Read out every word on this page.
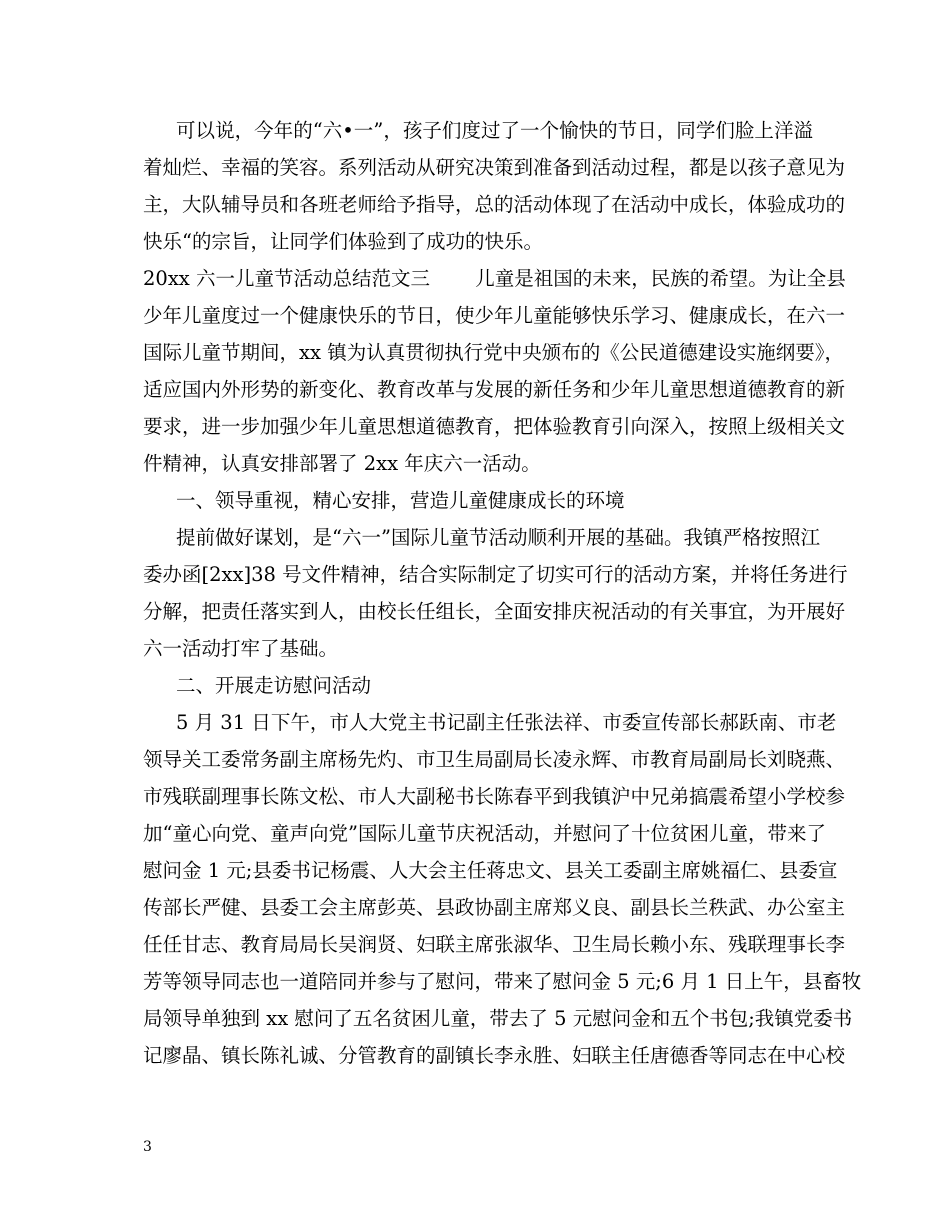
可以说，今年的“六•一”，孩子们度过了一个愉快的节日，同学们脸上洋溢
着灿烂、幸福的笑容。系列活动从研究决策到准备到活动过程，都是以孩子意见为
主，大队辅导员和各班老师给予指导，总的活动体现了在活动中成长，体验成功的
快乐“的宗旨，让同学们体验到了成功的快乐。
20xx 六一儿童节活动总结范文三　　 儿童是祖国的未来，民族的希望。为让全县
少年儿童度过一个健康快乐的节日，使少年儿童能够快乐学习、健康成长，在六一
国际儿童节期间，xx 镇为认真贯彻执行党中央颁布的《公民道德建设实施纲要》，
适应国内外形势的新变化、教育改革与发展的新任务和少年儿童思想道德教育的新
要求，进一步加强少年儿童思想道德教育，把体验教育引向深入，按照上级相关文
件精神，认真安排部署了 2xx 年庆六一活动。
一、领导重视，精心安排，营造儿童健康成长的环境
提前做好谋划，是“六一”国际儿童节活动顺利开展的基础。我镇严格按照江
委办函[2xx]38 号文件精神，结合实际制定了切实可行的活动方案，并将任务进行
分解，把责任落实到人，由校长任组长，全面安排庆祝活动的有关事宜，为开展好
六一活动打牢了基础。
二、开展走访慰问活动
5 月 31 日下午，市人大党主书记副主任张法祥、市委宣传部长郝跃南、市老
领导关工委常务副主席杨先灼、市卫生局副局长凌永辉、市教育局副局长刘晓燕、
市残联副理事长陈文松、市人大副秘书长陈春平到我镇沪中兄弟搞震希望小学校参
加“童心向党、童声向党”国际儿童节庆祝活动，并慰问了十位贫困儿童，带来了
慰问金 1 元;县委书记杨震、人大会主任蒋忠文、县关工委副主席姚福仁、县委宣
传部长严健、县委工会主席彭英、县政协副主席郑义良、副县长兰秩武、办公室主
任任甘志、教育局局长吴润贤、妇联主席张淑华、卫生局长赖小东、残联理事长李
芳等领导同志也一道陪同并参与了慰问，带来了慰问金 5 元;6 月 1 日上午，县畜牧
局领导单独到 xx 慰问了五名贫困儿童，带去了 5 元慰问金和五个书包;我镇党委书
记廖晶、镇长陈礼诚、分管教育的副镇长李永胜、妇联主任唐德香等同志在中心校
3
